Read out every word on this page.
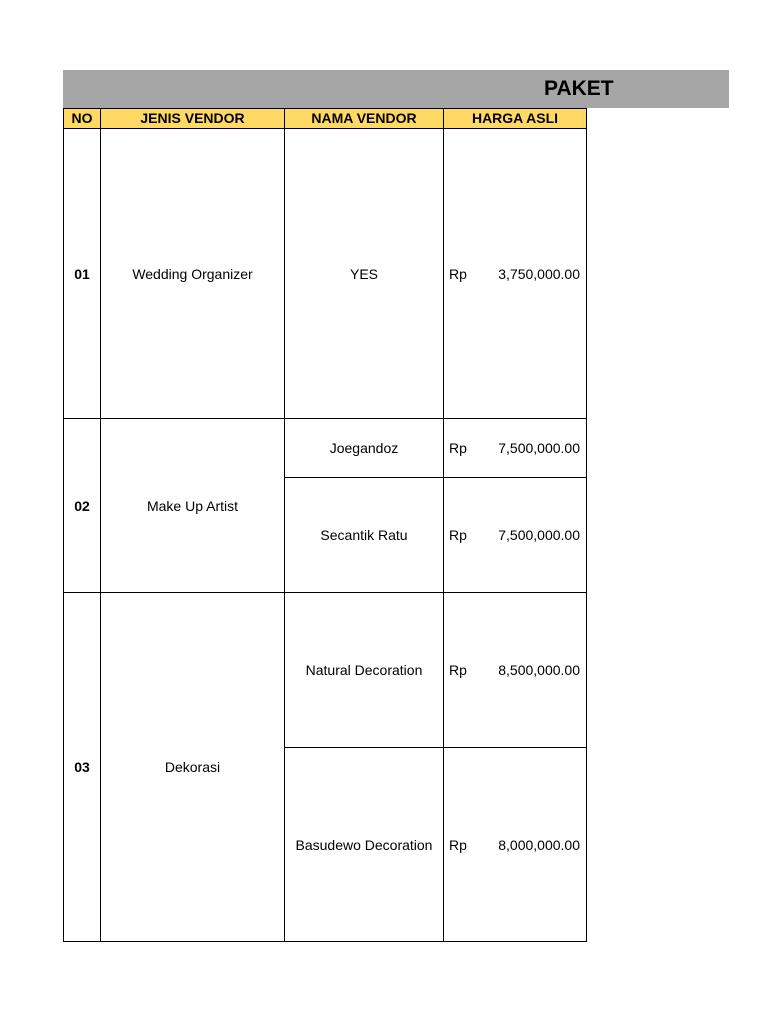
PAKET
NO	JENIS VENDOR	NAMA VENDOR	HARGA ASLI
01	Wedding Organizer	YES	Rp 3,750,000.00

02	Make Up Artist	Joegandoz	Rp 7,500,000.00

		Secantik Ratu	Rp 7,500,000.00

03	Dekorasi	Natural Decoration	Rp 8,500,000.00

		Basudewo Decoration	Rp 8,000,000.00
